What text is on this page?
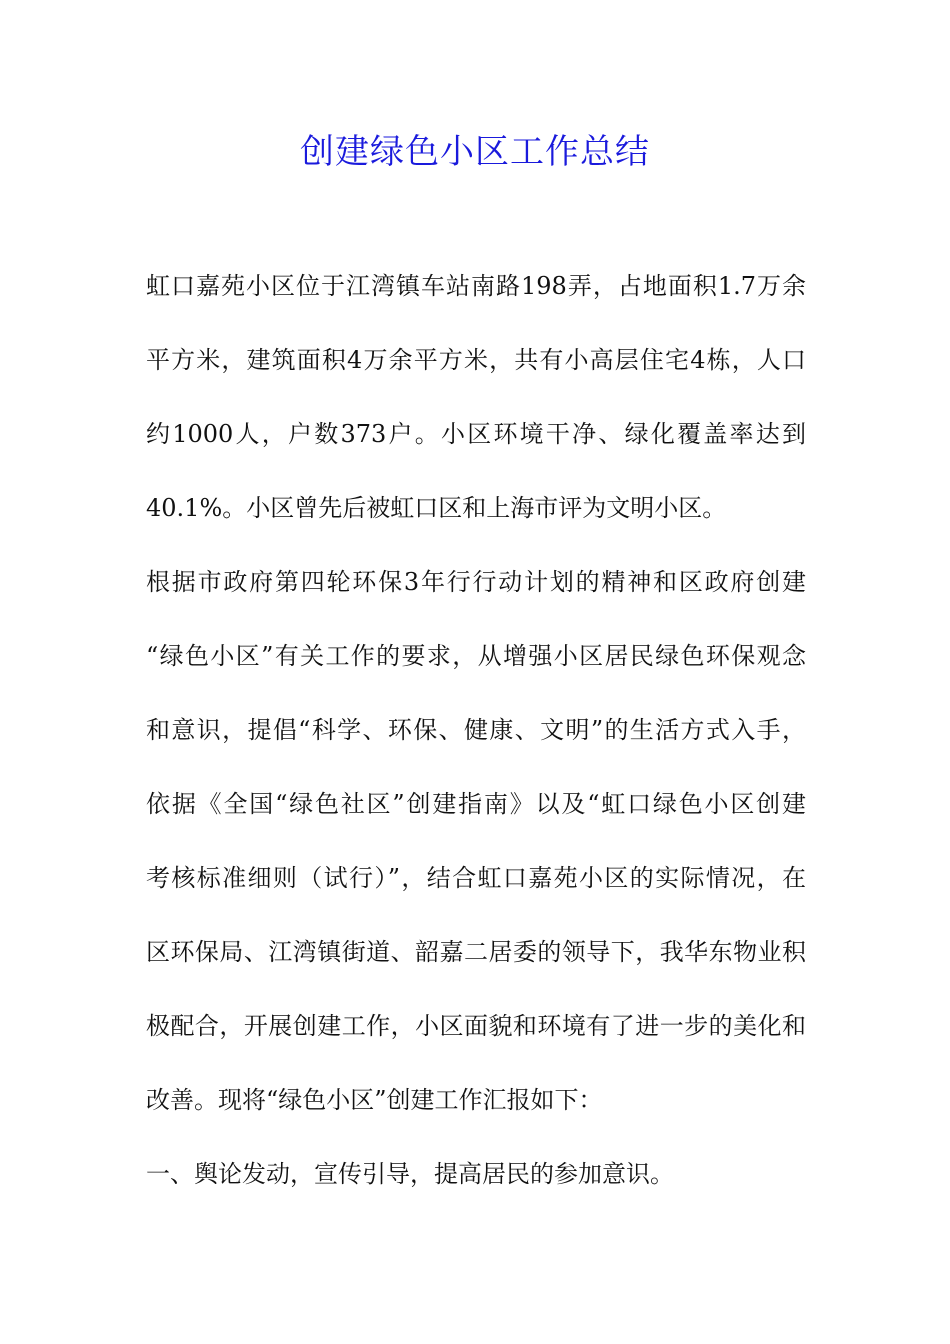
创建绿色小区工作总结
虹口嘉苑小区位于江湾镇车站南路198弄，占地面积1.7万余
平方米，建筑面积4万余平方米，共有小高层住宅4栋，人口
约1000人，户数373户。小区环境干净、绿化覆盖率达到
40.1%。小区曾先后被虹口区和上海市评为文明小区。
根据市政府第四轮环保3年行行动计划的精神和区政府创建
“绿色小区”有关工作的要求，从增强小区居民绿色环保观念
和意识，提倡“科学、环保、健康、文明”的生活方式入手，
依据《全国“绿色社区”创建指南》以及“虹口绿色小区创建
考核标准细则（试行）”，结合虹口嘉苑小区的实际情况，在
区环保局、江湾镇街道、韶嘉二居委的领导下，我华东物业积
极配合，开展创建工作，小区面貌和环境有了进一步的美化和
改善。现将“绿色小区”创建工作汇报如下：
一、舆论发动，宣传引导，提高居民的参加意识。
